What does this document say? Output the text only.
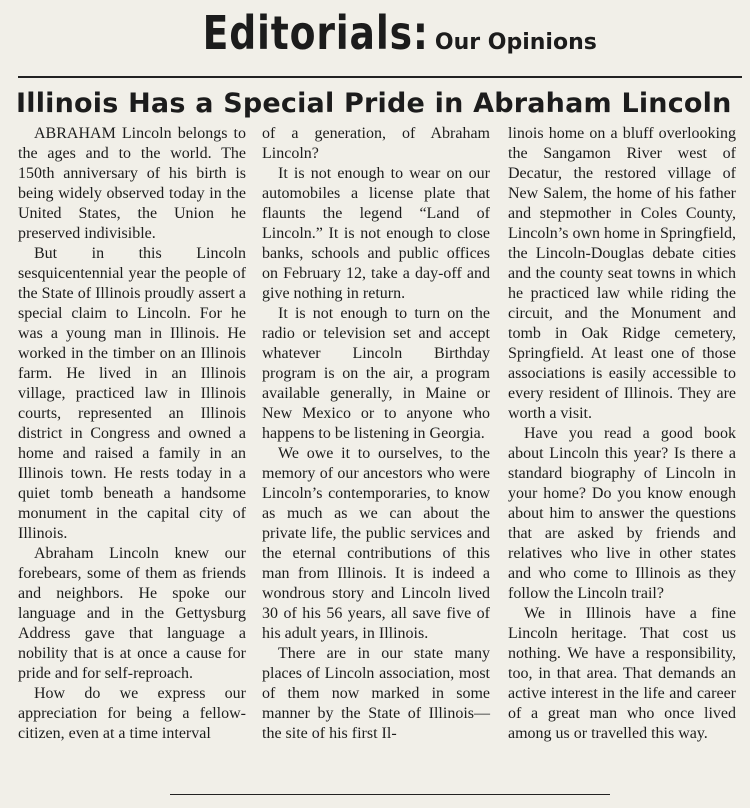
Editorials: Our Opinions
Illinois Has a Special Pride in Abraham Lincoln

ABRAHAM Lincoln belongs to the ages and to the world. The 150th anniversary of his birth is being widely observed today in the United States, the Union he preserved indivisible.

But in this Lincoln sesquicentennial year the people of the State of Illinois proudly assert a special claim to Lincoln. For he was a young man in Illinois. He worked in the timber on an Illinois farm. He lived in an Illinois village, practiced law in Illinois courts, represented an Illinois district in Congress and owned a home and raised a family in an Illinois town. He rests today in a quiet tomb beneath a handsome monument in the capital city of Illinois.

Abraham Lincoln knew our forebears, some of them as friends and neighbors. He spoke our language and in the Gettysburg Address gave that language a nobility that is at once a cause for pride and for self-reproach.

How do we express our appreciation for being a fellow-citizen, even at a time interval

of a generation, of Abraham Lincoln?

It is not enough to wear on our automobiles a license plate that flaunts the legend “Land of Lincoln.” It is not enough to close banks, schools and public offices on February 12, take a day-off and give nothing in return.

It is not enough to turn on the radio or television set and accept whatever Lincoln Birthday program is on the air, a program available generally, in Maine or New Mexico or to anyone who happens to be listening in Georgia.

We owe it to ourselves, to the memory of our ancestors who were Lincoln’s contemporaries, to know as much as we can about the private life, the public services and the eternal contributions of this man from Illinois. It is indeed a wondrous story and Lincoln lived 30 of his 56 years, all save five of his adult years, in Illinois.

There are in our state many places of Lincoln association, most of them now marked in some manner by the State of Illinois—the site of his first Il-

linois home on a bluff overlooking the Sangamon River west of Decatur, the restored village of New Salem, the home of his father and stepmother in Coles County, Lincoln’s own home in Springfield, the Lincoln-Douglas debate cities and the county seat towns in which he practiced law while riding the circuit, and the Monument and tomb in Oak Ridge cemetery, Springfield. At least one of those associations is easily accessible to every resident of Illinois. They are worth a visit.

Have you read a good book about Lincoln this year? Is there a standard biography of Lincoln in your home? Do you know enough about him to answer the questions that are asked by friends and relatives who live in other states and who come to Illinois as they follow the Lincoln trail?

We in Illinois have a fine Lincoln heritage. That cost us nothing. We have a responsibility, too, in that area. That demands an active interest in the life and career of a great man who once lived among us or travelled this way.
